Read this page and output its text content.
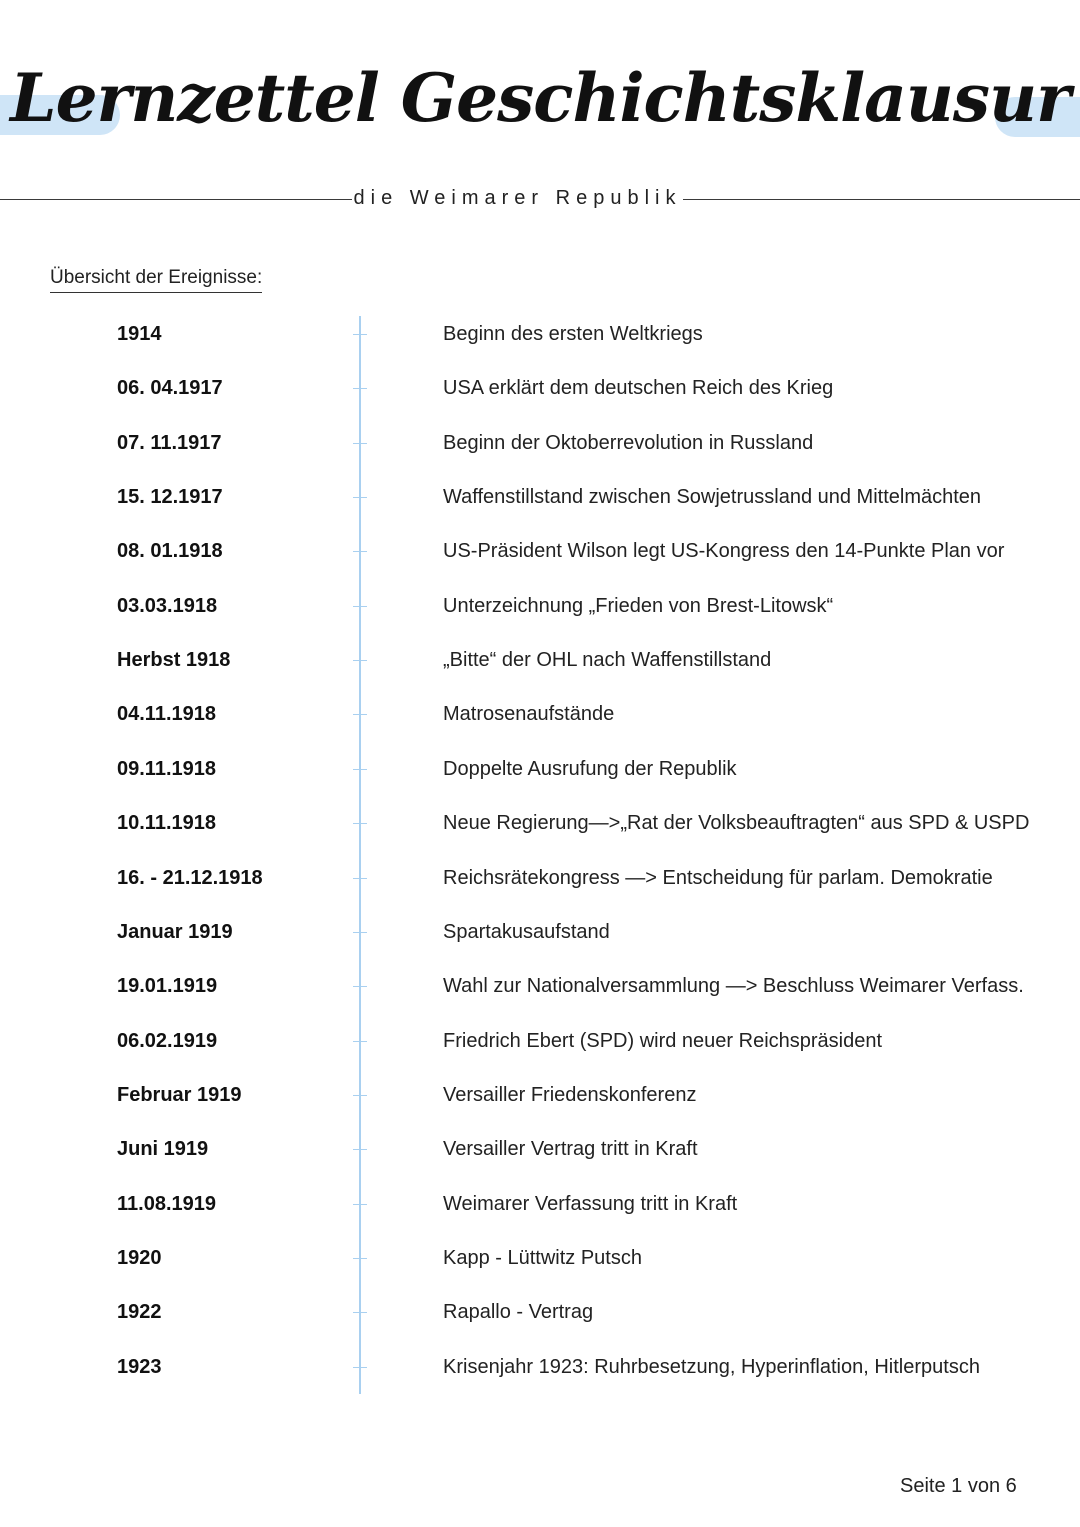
Lernzettel Geschichtsklausur
die Weimarer Republik
Übersicht der Ereignisse:
1914	Beginn des ersten Weltkriegs
06. 04.1917	USA erklärt dem deutschen Reich des Krieg
07. 11.1917	Beginn der Oktoberrevolution in Russland
15. 12.1917	Waffenstillstand zwischen Sowjetrussland und Mittelmächten
08. 01.1918	US-Präsident Wilson legt US-Kongress den 14-Punkte Plan vor
03.03.1918	Unterzeichnung „Frieden von Brest-Litowsk“
Herbst 1918	„Bitte“ der OHL nach Waffenstillstand
04.11.1918	Matrosenaufstände
09.11.1918	Doppelte Ausrufung der Republik
10.11.1918	Neue Regierung—>„Rat der Volksbeauftragten“ aus SPD & USPD
16. - 21.12.1918	Reichsrätekongress —> Entscheidung für parlam. Demokratie
Januar 1919	Spartakusaufstand
19.01.1919	Wahl zur Nationalversammlung —> Beschluss Weimarer Verfass.
06.02.1919	Friedrich Ebert (SPD) wird neuer Reichspräsident
Februar 1919	Versailler Friedenskonferenz
Juni 1919	Versailler Vertrag tritt in Kraft
11.08.1919	Weimarer Verfassung tritt in Kraft
1920	Kapp - Lüttwitz Putsch
1922	Rapallo - Vertrag
1923	Krisenjahr 1923: Ruhrbesetzung, Hyperinflation, Hitlerputsch
Seite 1 von 6
